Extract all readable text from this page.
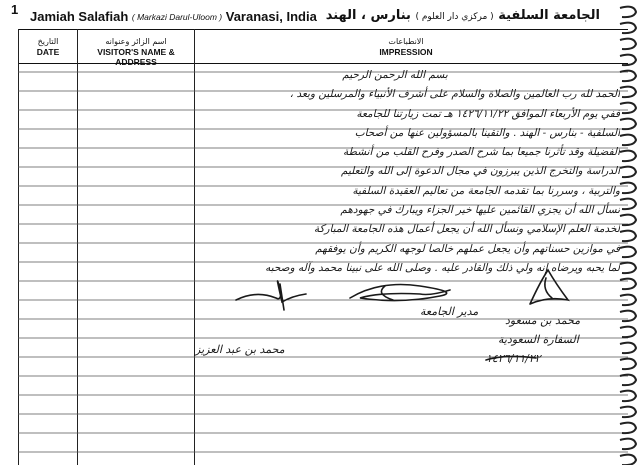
1 Jamiah Salafiah ( Markazi Darul-Uloom ) Varanasi, India	الجامعة السلفية ( مركزي دار العلوم ) بنارس ، الهند
التاريخ
DATE
اسم الزائر وعنوانه
VISITOR'S NAME & ADDRESS
الانطباعات
IMPRESSION
بسم الله الرحمن الرحيم
الحمد لله رب العالمين والصلاة والسلام على أشرف الأنبياء والمرسلين وبعد ،
ففي يوم الأربعاء الموافق ١٤٢٦/١١/٢٢ هـ تمت زيارتنا للجامعة
السلفية - بنارس - الهند . والتقينا بالمسؤولين عنها من أصحاب
الفضيلة وقد تأثرنا جميعا بما شرح الصدر وفرح القلب من أنشطة
الدراسة والتخرج الذين يبرزون في مجال الدعوة إلى الله والتعليم
والتربية ، وسررنا بما تقدمه الجامعة من تعاليم العقيدة السلفية
نسأل الله أن يجزي القائمين عليها خير الجزاء ويبارك في جهودهم
لخدمة العلم الإسلامي ونسأل الله أن يجعل أعمال هذه الجامعة المباركة
في موازين حسناتهم وأن يجعل عملهم خالصا لوجهه الكريم وأن يوفقهم
لما يحبه ويرضاه إنه ولي ذلك والقادر عليه . وصلى الله على نبينا محمد وآله وصحبه
محمد بن عبد العزيز
مدير الجامعة
محمد بن مسعود
السفارة السعودية
١٤٢٦/١١/٢٢
